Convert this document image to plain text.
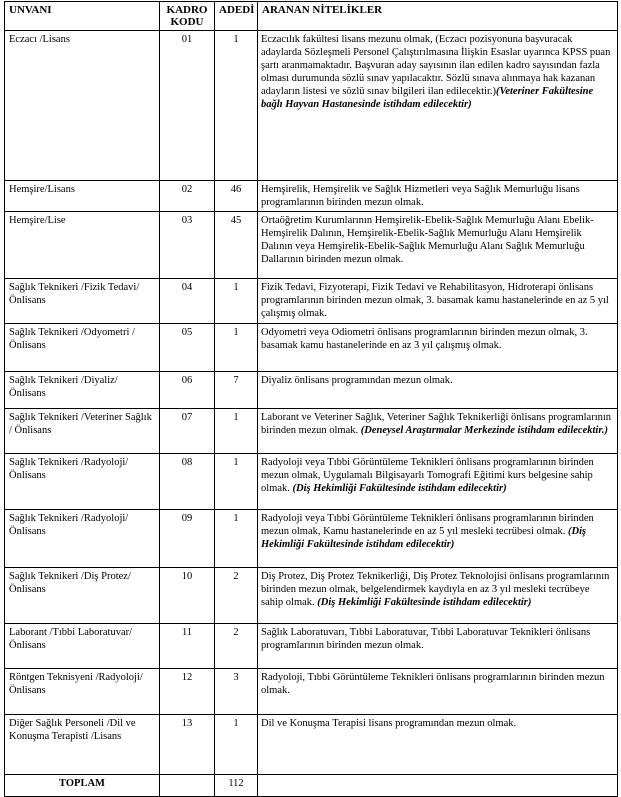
UNVANI	KADRO KODU	ADEDİ	ARANAN NİTELİKLER
Eczacı /Lisans	01	1	Eczacılık fakültesi lisans mezunu olmak, (Eczacı pozisyonuna başvuracak adaylarda Sözleşmeli Personel Çalıştırılmasına İlişkin Esaslar uyarınca KPSS puan şartı aranmamaktadır. Başvuran aday sayısının ilan edilen kadro sayısından fazla olması durumunda sözlü sınav yapılacaktır. Sözlü sınava alınmaya hak kazanan adayların listesi ve sözlü sınav bilgileri ilan edilecektir.)(Veteriner Fakültesine bağlı Hayvan Hastanesinde istihdam edilecektir)
Hemşire/Lisans	02	46	Hemşirelik, Hemşirelik ve Sağlık Hizmetleri veya Sağlık Memurluğu lisans programlarının birinden mezun olmak.
Hemşire/Lise	03	45	Ortaöğretim Kurumlarının Hemşirelik-Ebelik-Sağlık Memurluğu Alanı Ebelik-Hemşirelik Dalının, Hemşirelik-Ebelik-Sağlık Memurluğu Alanı Hemşirelik Dalının veya Hemşirelik-Ebelik-Sağlık Memurluğu Alanı Sağlık Memurluğu Dallarının birinden mezun olmak.
Sağlık Teknikeri /Fizik Tedavi/ Önlisans	04	1	Fizik Tedavi, Fizyoterapi, Fizik Tedavi ve Rehabilitasyon, Hidroterapi önlisans programlarının birinden mezun olmak, 3. basamak kamu hastanelerinde en az 5 yıl çalışmış olmak.
Sağlık Teknikeri /Odyometri /Önlisans	05	1	Odyometri veya Odiometri önlisans programlarının birinden mezun olmak, 3. basamak kamu hastanelerinde en az 3 yıl çalışmış olmak.
Sağlık Teknikeri /Diyaliz/ Önlisans	06	7	Diyaliz önlisans programından mezun olmak.
Sağlık Teknikeri /Veteriner Sağlık / Önlisans	07	1	Laborant ve Veteriner Sağlık, Veteriner Sağlık Teknikerliği önlisans programlarının birinden mezun olmak. (Deneysel Araştırmalar Merkezinde istihdam edilecektir.)
Sağlık Teknikeri /Radyoloji/ Önlisans	08	1	Radyoloji veya Tıbbi Görüntüleme Teknikleri önlisans programlarının birinden mezun olmak, Uygulamalı Bilgisayarlı Tomografi Eğitimi kurs belgesine sahip olmak. (Diş Hekimliği Fakültesinde istihdam edilecektir)
Sağlık Teknikeri /Radyoloji/ Önlisans	09	1	Radyoloji veya Tıbbi Görüntüleme Teknikleri önlisans programlarının birinden mezun olmak, Kamu hastanelerinde en az 5 yıl mesleki tecrübesi olmak. (Diş Hekimliği Fakültesinde istihdam edilecektir)
Sağlık Teknikeri /Diş Protez/ Önlisans	10	2	Diş Protez, Diş Protez Teknikerliği, Diş Protez Teknolojisi önlisans programlarının birinden mezun olmak, belgelendirmek kaydıyla en az 3 yıl mesleki tecrübeye sahip olmak. (Diş Hekimliği Fakültesinde istihdam edilecektir)
Laborant /Tıbbi Laboratuvar/ Önlisans	11	2	Sağlık Laboratuvarı, Tıbbi Laboratuvar, Tıbbi Laboratuvar Teknikleri önlisans programlarının birinden mezun olmak.
Röntgen Teknisyeni /Radyoloji/ Önlisans	12	3	Radyoloji, Tıbbi Görüntüleme Teknikleri önlisans programlarının birinden mezun olmak.
Diğer Sağlık Personeli /Dil ve Konuşma Terapisti /Lisans	13	1	Dil ve Konuşma Terapisi lisans programından mezun olmak.
TOPLAM		112	
